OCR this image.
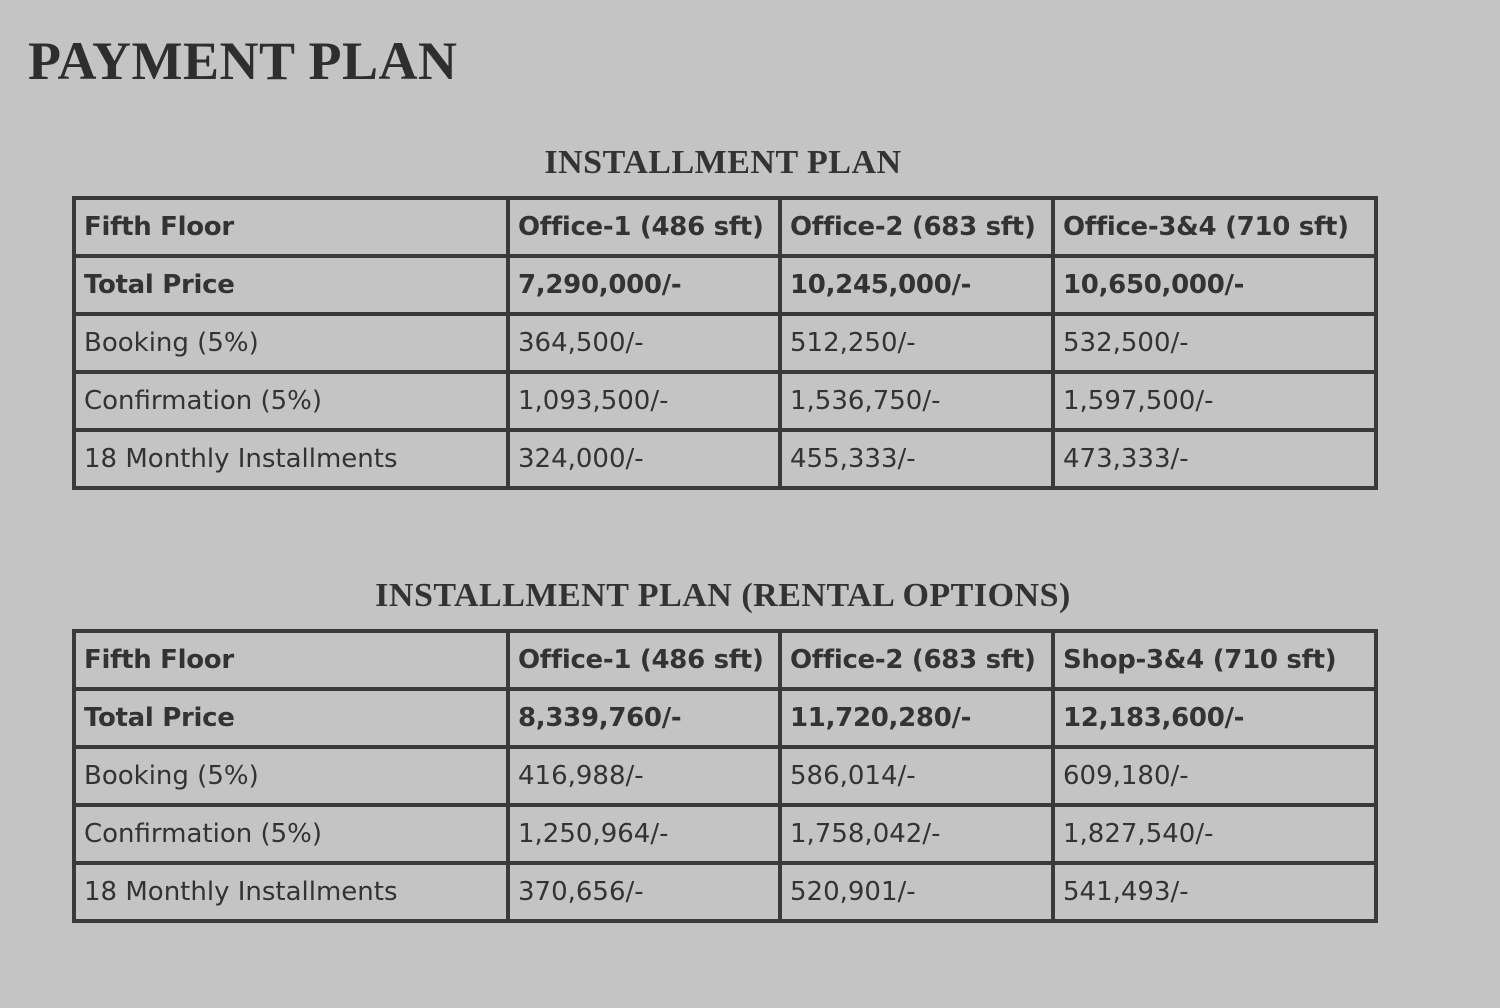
PAYMENT PLAN
INSTALLMENT PLAN
Fifth Floor	Office-1 (486 sft)	Office-2 (683 sft)	Office-3&4 (710 sft)
Total Price	7,290,000/-	10,245,000/-	10,650,000/-
Booking (5%)	364,500/-	512,250/-	532,500/-
Confirmation (5%)	1,093,500/-	1,536,750/-	1,597,500/-
18 Monthly Installments	324,000/-	455,333/-	473,333/-
INSTALLMENT PLAN (RENTAL OPTIONS)
Fifth Floor	Office-1 (486 sft)	Office-2 (683 sft)	Shop-3&4 (710 sft)
Total Price	8,339,760/-	11,720,280/-	12,183,600/-
Booking (5%)	416,988/-	586,014/-	609,180/-
Confirmation (5%)	1,250,964/-	1,758,042/-	1,827,540/-
18 Monthly Installments	370,656/-	520,901/-	541,493/-
